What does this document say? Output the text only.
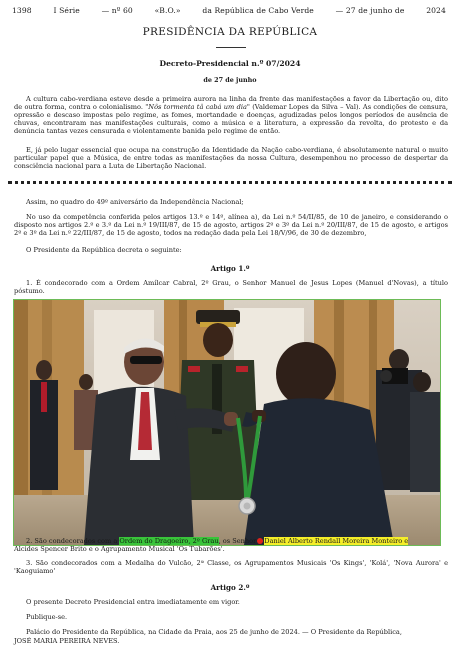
1398	I Série	— nº 60	«B.O.»	da República de Cabo Verde	— 27 de junho de	2024
PRESIDÊNCIA DA REPÚBLICA
Decreto-Presidencial n.º 07/2024
de 27 de junho
A cultura cabo-verdiana esteve desde a primeira aurora na linha da frente das manifestações a favor da Libertação ou, dito de outra forma, contra o colonialismo. "Nôs tormenta tâ cabá um dia" (Valdemar Lopes da Silva – Val). As condições de censura, opressão e descaso impostas pelo regime, as fomes, mortandade e doenças, agudizadas pelos longos períodos de ausência de chuvas, encontraram nas manifestações culturais, como a música e a literatura, a expressão da revolta, do protesto e da denúncia tantas vezes censurada e violentamente banida pelo regime de então.
E, já pelo lugar essencial que ocupa na construção da Identidade da Nação cabo-verdiana, é absolutamente natural o muito particular papel que a Música, de entre todas as manifestações da nossa Cultura, desempenhou no processo de despertar da consciência nacional para a Luta de Libertação Nacional.
Assim, no quadro do 49º aniversário da Independência Nacional;
No uso da competência conferida pelos artigos 13.º e 14º, alínea a), da Lei n.º 54/II/85, de 10 de janeiro, e considerando o disposto nos artigos 2.º e 3.º da Lei n.º 19/III/87, de 15 de agosto, artigos 2º e 3º da Lei n.º 20/III/87, de 15 de agosto, e artigos 2º e 3º da Lei n.º 22/III/87, de 15 de agosto, todos na redação dada pela Lei 18/V/96, de 30 de dezembro,
O Presidente da República decreta o seguinte:
Artigo 1.º
1. É condecorado com a Ordem Amílcar Cabral, 2º Grau, o Senhor Manuel de Jesus Lopes (Manuel d'Novas), a título póstumo.
2. São condecorados com a Ordem do Dragoeiro, 2º Grau, os Senhor Daniel Alberto Rendall Moreira Monteiro e
Alcides Spencer Brito e o Agrupamento Musical 'Os Tubarões'.
3. São condecorados com a Medalha do Vulcão, 2ª Classe, os Agrupamentos Musicais 'Os Kings', 'Kolá', 'Nova Aurora' e 'Kaoguiamo'
Artigo 2.º
O presente Decreto Presidencial entra imediatamente em vigor.
Publique-se.
Palácio do Presidente da República, na Cidade da Praia, aos 25 de junho de 2024. — O Presidente da República,
JOSÉ MARIA PEREIRA NEVES.
